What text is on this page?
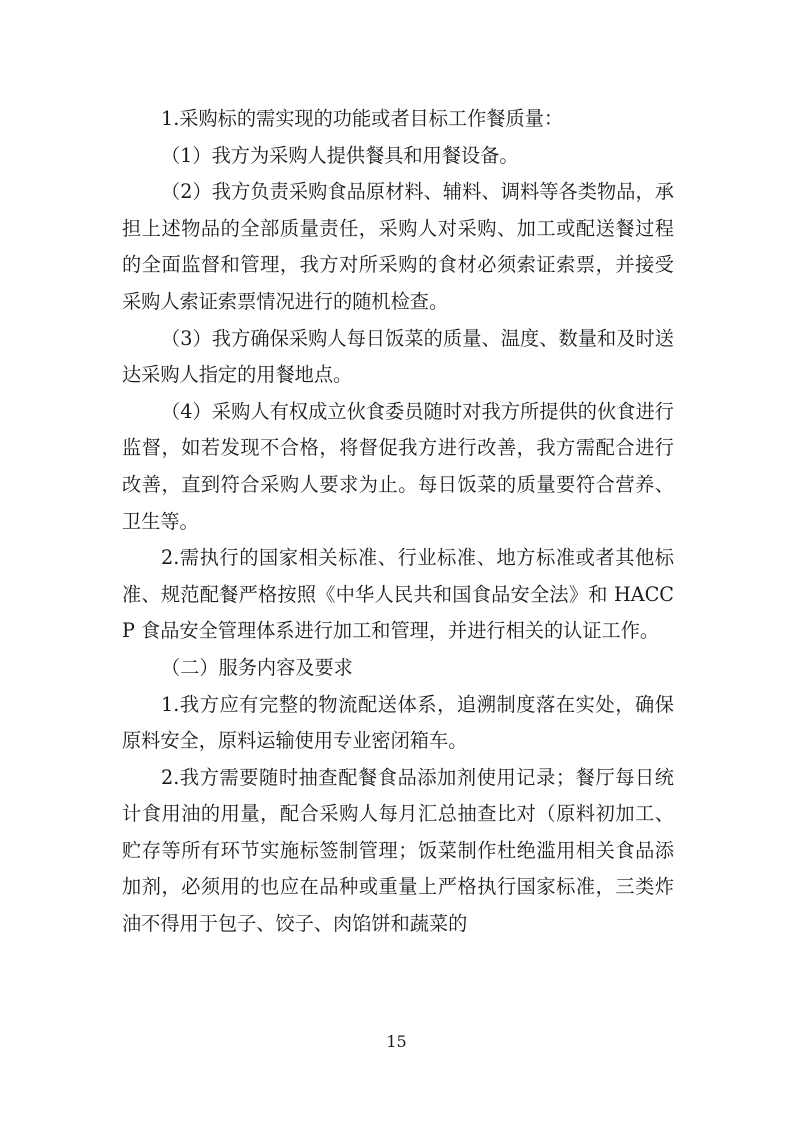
1.采购标的需实现的功能或者目标工作餐质量：

（1）我方为采购人提供餐具和用餐设备。

（2）我方负责采购食品原材料、辅料、调料等各类物品，承担上述物品的全部质量责任，采购人对采购、加工或配送餐过程的全面监督和管理，我方对所采购的食材必须索证索票，并接受采购人索证索票情况进行的随机检查。

（3）我方确保采购人每日饭菜的质量、温度、数量和及时送达采购人指定的用餐地点。

（4）采购人有权成立伙食委员随时对我方所提供的伙食进行监督，如若发现不合格，将督促我方进行改善，我方需配合进行改善，直到符合采购人要求为止。每日饭菜的质量要符合营养、卫生等。

2.需执行的国家相关标准、行业标准、地方标准或者其他标准、规范配餐严格按照《中华人民共和国食品安全法》和 HACCP 食品安全管理体系进行加工和管理，并进行相关的认证工作。

（二）服务内容及要求

1.我方应有完整的物流配送体系，追溯制度落在实处，确保原料安全，原料运输使用专业密闭箱车。

2.我方需要随时抽查配餐食品添加剂使用记录；餐厅每日统计食用油的用量，配合采购人每月汇总抽查比对（原料初加工、贮存等所有环节实施标签制管理；饭菜制作杜绝滥用相关食品添加剂，必须用的也应在品种或重量上严格执行国家标准，三类炸油不得用于包子、饺子、肉馅饼和蔬菜的

15
